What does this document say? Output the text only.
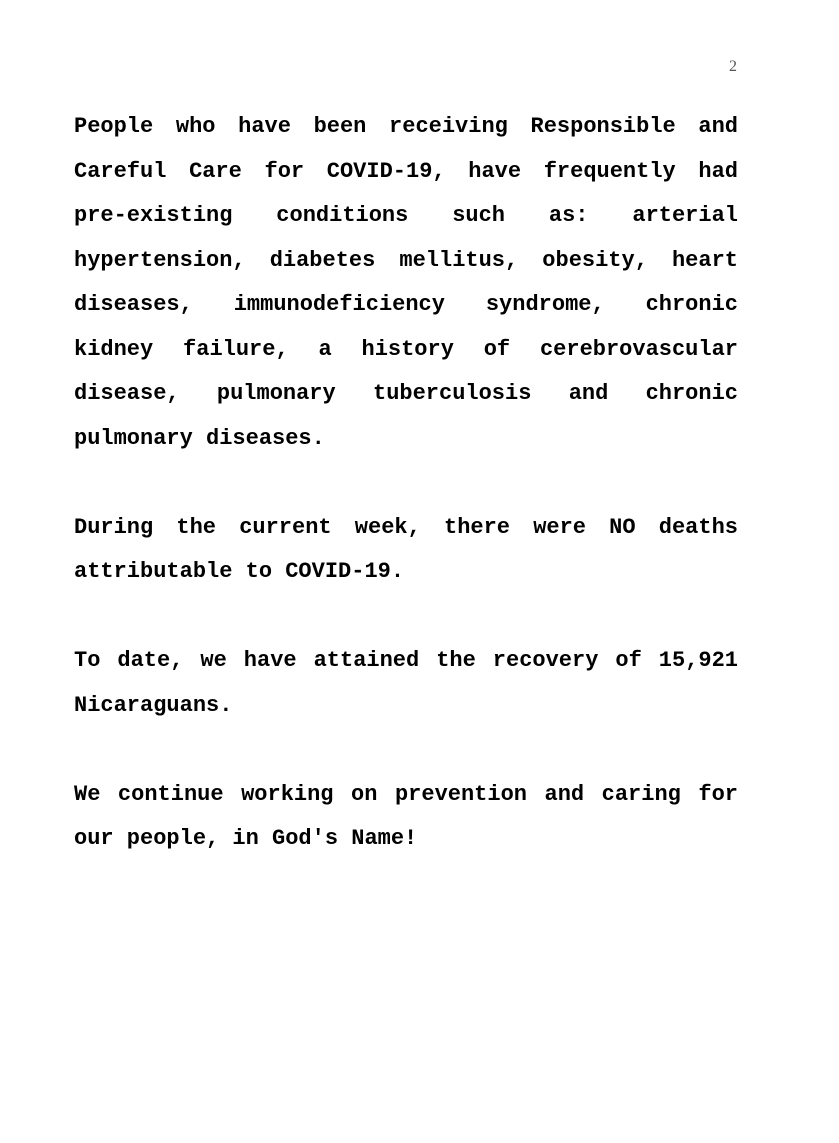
2

People who have been receiving Responsible and Careful Care for COVID-19, have frequently had pre-existing conditions such as: arterial hypertension, diabetes mellitus, obesity, heart diseases, immunodeficiency syndrome, chronic kidney failure, a history of cerebrovascular disease, pulmonary tuberculosis and chronic pulmonary diseases.

During the current week, there were NO deaths attributable to COVID-19.

To date, we have attained the recovery of 15,921 Nicaraguans.

We continue working on prevention and caring for our people, in God's Name!
